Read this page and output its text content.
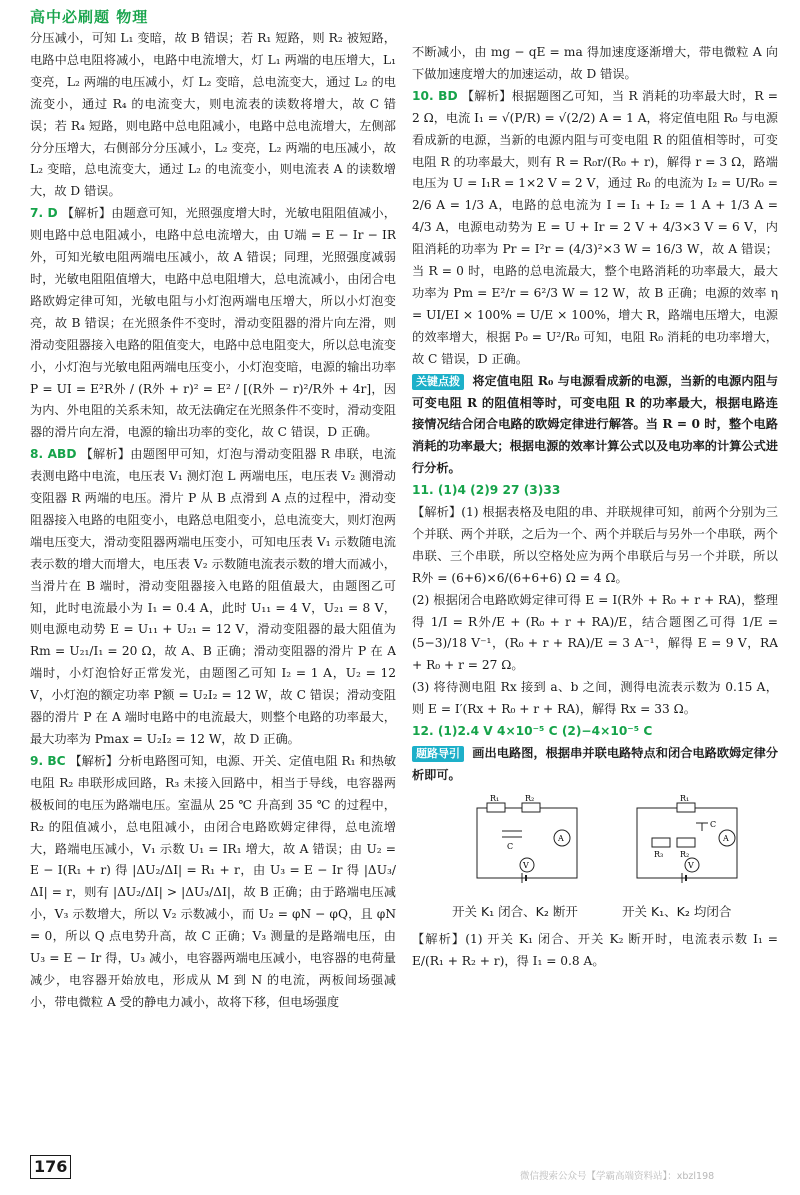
高中必刷题 物理

分压减小，可知 L₁ 变暗，故 B 错误；若 R₁ 短路，则 R₂ 被短路，电路中总电阻将减小，电路中电流增大，灯 L₁ 两端的电压增大，L₁ 变亮，L₂ 两端的电压减小，灯 L₂ 变暗，总电流变大，通过 L₂ 的电流变小，通过 R₄ 的电流变大，则电流表的读数将增大，故 C 错误；若 R₄ 短路，则电路中总电阻减小，电路中总电流增大，左侧部分分压增大，右侧部分分压减小，L₂ 变亮，L₂ 两端的电压减小，故 L₂ 变暗，总电流变大，通过 L₂ 的电流变小，则电流表 A 的读数增大，故 D 错误。

7. D 【解析】由题意可知，光照强度增大时，光敏电阻阻值减小，则电路中总电阻减小，电路中总电流增大，由 U端 = E − Ir − IR外，可知光敏电阻两端电压减小，故 A 错误；同理，光照强度减弱时，光敏电阻阻值增大，电路中总电阻增大，总电流减小，由闭合电路欧姆定律可知，光敏电阻与小灯泡两端电压增大，所以小灯泡变亮，故 B 错误；在光照条件不变时，滑动变阻器的滑片向左滑，则滑动变阻器接入电路的阻值变大，电路中总电阻变大，所以总电流变小，小灯泡与光敏电阻两端电压变小，小灯泡变暗，电源的输出功率 P = UI = E²R外 / (R外 + r)² = E² / [(R外 − r)²/R外 + 4r]，因为内、外电阻的关系未知，故无法确定在光照条件不变时，滑动变阻器的滑片向左滑，电源的输出功率的变化，故 C 错误，D 正确。

8. ABD 【解析】由题图甲可知，灯泡与滑动变阻器 R 串联，电流表测电路中电流，电压表 V₁ 测灯泡 L 两端电压，电压表 V₂ 测滑动变阻器 R 两端的电压。滑片 P 从 B 点滑到 A 点的过程中，滑动变阻器接入电路的电阻变小，电路总电阻变小，总电流变大，则灯泡两端电压变大，滑动变阻器两端电压变小，可知电压表 V₁ 示数随电流表示数的增大而增大，电压表 V₂ 示数随电流表示数的增大而减小，当滑片在 B 端时，滑动变阻器接入电路的阻值最大，由题图乙可知，此时电流最小为 I₁ = 0.4 A，此时 U₁₁ = 4 V，U₂₁ = 8 V，则电源电动势 E = U₁₁ + U₂₁ = 12 V，滑动变阻器的最大阻值为 Rm = U₂₁/I₁ = 20 Ω，故 A、B 正确；滑动变阻器的滑片 P 在 A 端时，小灯泡恰好正常发光，由题图乙可知 I₂ = 1 A，U₂ = 12 V，小灯泡的额定功率 P额 = U₂I₂ = 12 W，故 C 错误；滑动变阻器的滑片 P 在 A 端时电路中的电流最大，则整个电路的功率最大，最大功率为 Pmax = U₂I₂ = 12 W，故 D 正确。

9. BC 【解析】分析电路图可知，电源、开关、定值电阻 R₁ 和热敏电阻 R₂ 串联形成回路，R₃ 未接入回路中，相当于导线，电容器两极板间的电压为路端电压。室温从 25 ℃ 升高到 35 ℃ 的过程中，R₂ 的阻值减小，总电阻减小，由闭合电路欧姆定律得，总电流增大，路端电压减小，V₁ 示数 U₁ = IR₁ 增大，故 A 错误；由 U₂ = E − I(R₁ + r) 得 |ΔU₂/ΔI| = R₁ + r，由 U₃ = E − Ir 得 |ΔU₃/ΔI| = r，则有 |ΔU₂/ΔI| > |ΔU₃/ΔI|，故 B 正确；由于路端电压减小，V₃ 示数增大，所以 V₂ 示数减小，而 U₂ = φN − φQ，且 φN = 0，所以 Q 点电势升高，故 C 正确；V₃ 测量的是路端电压，由 U₃ = E − Ir 得，U₃ 减小，电容器两端电压减小，电容器的电荷量减少，电容器开始放电，形成从 M 到 N 的电流，两板间场强减小，带电微粒 A 受的静电力减小，故将下移，但电场强度

不断减小，由 mg − qE = ma 得加速度逐渐增大，带电微粒 A 向下做加速度增大的加速运动，故 D 错误。

10. BD 【解析】根据题图乙可知，当 R 消耗的功率最大时，R = 2 Ω，电流 I₁ = √(P/R) = √(2/2) A = 1 A，将定值电阻 R₀ 与电源看成新的电源，当新的电源内阻与可变电阻 R 的阻值相等时，可变电阻 R 的功率最大，则有 R = R₀r/(R₀ + r)，解得 r = 3 Ω，路端电压为 U = I₁R = 1×2 V = 2 V，通过 R₀ 的电流为 I₂ = U/R₀ = 2/6 A = 1/3 A，电路的总电流为 I = I₁ + I₂ = 1 A + 1/3 A = 4/3 A，电源电动势为 E = U + Ir = 2 V + 4/3×3 V = 6 V，内阻消耗的功率为 Pr = I²r = (4/3)²×3 W = 16/3 W，故 A 错误；当 R = 0 时，电路的总电流最大，整个电路消耗的功率最大，最大功率为 Pm = E²/r = 6²/3 W = 12 W，故 B 正确；电源的效率 η = UI/EI × 100% = U/E × 100%，增大 R，路端电压增大，电源的效率增大，根据 P₀ = U²/R₀ 可知，电阻 R₀ 消耗的电功率增大，故 C 错误，D 正确。

关键点拨 将定值电阻 R₀ 与电源看成新的电源，当新的电源内阻与可变电阻 R 的阻值相等时，可变电阻 R 的功率最大，根据电路连接情况结合闭合电路的欧姆定律进行解答。当 R = 0 时，整个电路消耗的功率最大；根据电源的效率计算公式以及电功率的计算公式进行分析。

11. (1)4 (2)9 27 (3)33

【解析】(1) 根据表格及电阻的串、并联规律可知，前两个分别为三个并联、两个并联，之后为一个、两个并联后与另外一个串联，两个串联、三个串联，所以空格处应为两个串联后与另一个并联，所以 R外 = (6+6)×6/(6+6+6) Ω = 4 Ω。

(2) 根据闭合电路欧姆定律可得 E = I(R外 + R₀ + r + RA)，整理得 1/I = R外/E + (R₀ + r + RA)/E，结合题图乙可得 1/E = (5−3)/18 V⁻¹，(R₀ + r + RA)/E = 3 A⁻¹，解得 E = 9 V，RA + R₀ + r = 27 Ω。

(3) 将待测电阻 Rx 接到 a、b 之间，测得电流表示数为 0.15 A，则 E = I′(Rx + R₀ + r + RA)，解得 Rx = 33 Ω。

12. (1)2.4 V 4×10⁻⁵ C (2)−4×10⁻⁵ C

题路导引 画出电路图，根据串并联电路特点和闭合电路欧姆定律分析即可。

R₁	R₂
C
A
V
R₁
R₂
R₃
C
A
V
开关 K₁ 闭合、K₂ 断开	开关 K₁、K₂ 均闭合

【解析】(1) 开关 K₁ 闭合、开关 K₂ 断开时，电流表示数 I₁ = E/(R₁ + R₂ + r)，得 I₁ = 0.8 A。

176
微信搜索公众号【学霸高端资料站】：xbzl198
